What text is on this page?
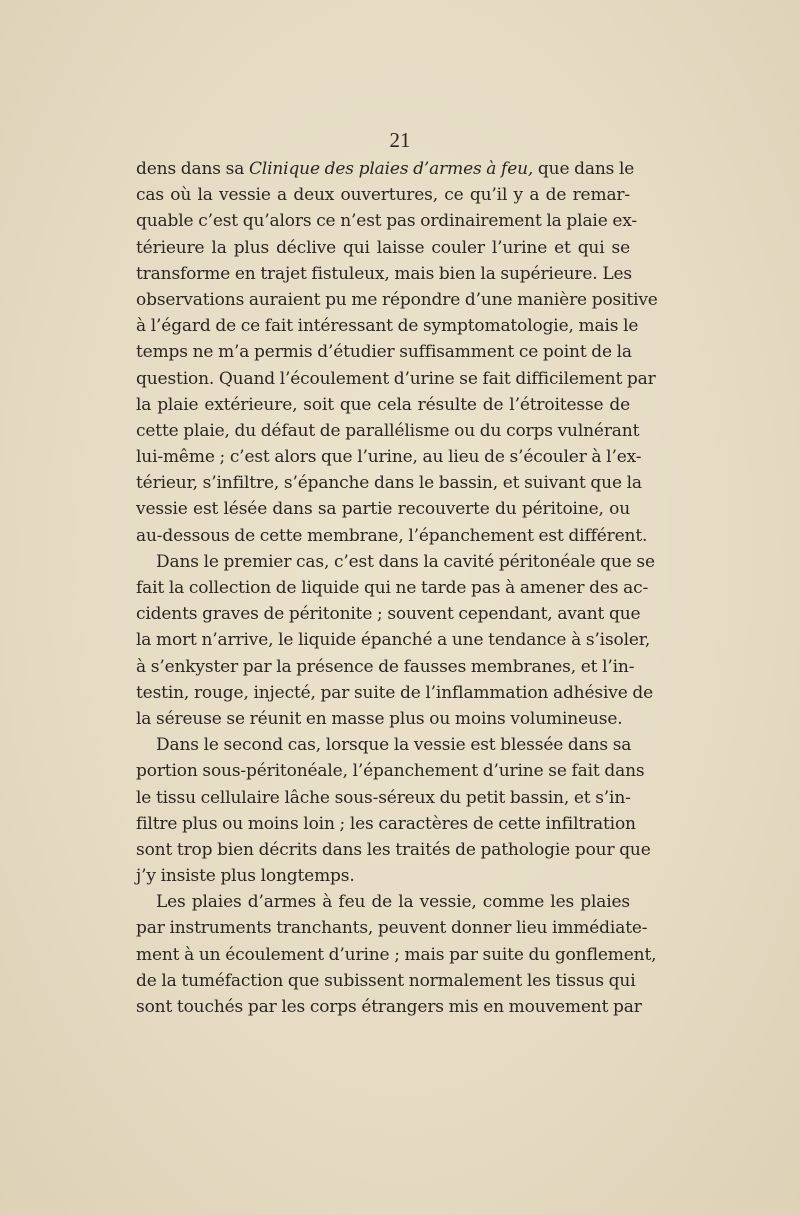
21
dens dans sa Clinique des plaies d’armes à feu, que dans le
cas où la vessie a deux ouvertures, ce qu’il y a de remar-
quable c’est qu’alors ce n’est pas ordinairement la plaie ex-
térieure la plus déclive qui laisse couler l’urine et qui se
transforme en trajet fistuleux, mais bien la supérieure. Les
observations auraient pu me répondre d’une manière positive
à l’égard de ce fait intéressant de symptomatologie, mais le
temps ne m’a permis d’étudier suffisamment ce point de la
question. Quand l’écoulement d’urine se fait difficilement par
la plaie extérieure, soit que cela résulte de l’étroitesse de
cette plaie, du défaut de parallélisme ou du corps vulnérant
lui-même ; c’est alors que l’urine, au lieu de s’écouler à l’ex-
térieur, s’infiltre, s’épanche dans le bassin, et suivant que la
vessie est lésée dans sa partie recouverte du péritoine, ou
au-dessous de cette membrane, l’épanchement est différent.
Dans le premier cas, c’est dans la cavité péritonéale que se
fait la collection de liquide qui ne tarde pas à amener des ac-
cidents graves de péritonite ; souvent cependant, avant que
la mort n’arrive, le liquide épanché a une tendance à s’isoler,
à s’enkyster par la présence de fausses membranes, et l’in-
testin, rouge, injecté, par suite de l’inflammation adhésive de
la séreuse se réunit en masse plus ou moins volumineuse.
Dans le second cas, lorsque la vessie est blessée dans sa
portion sous-péritonéale, l’épanchement d’urine se fait dans
le tissu cellulaire lâche sous-séreux du petit bassin, et s’in-
filtre plus ou moins loin ; les caractères de cette infiltration
sont trop bien décrits dans les traités de pathologie pour que
j’y insiste plus longtemps.
Les plaies d’armes à feu de la vessie, comme les plaies
par instruments tranchants, peuvent donner lieu immédiate-
ment à un écoulement d’urine ; mais par suite du gonflement,
de la tuméfaction que subissent normalement les tissus qui
sont touchés par les corps étrangers mis en mouvement par
